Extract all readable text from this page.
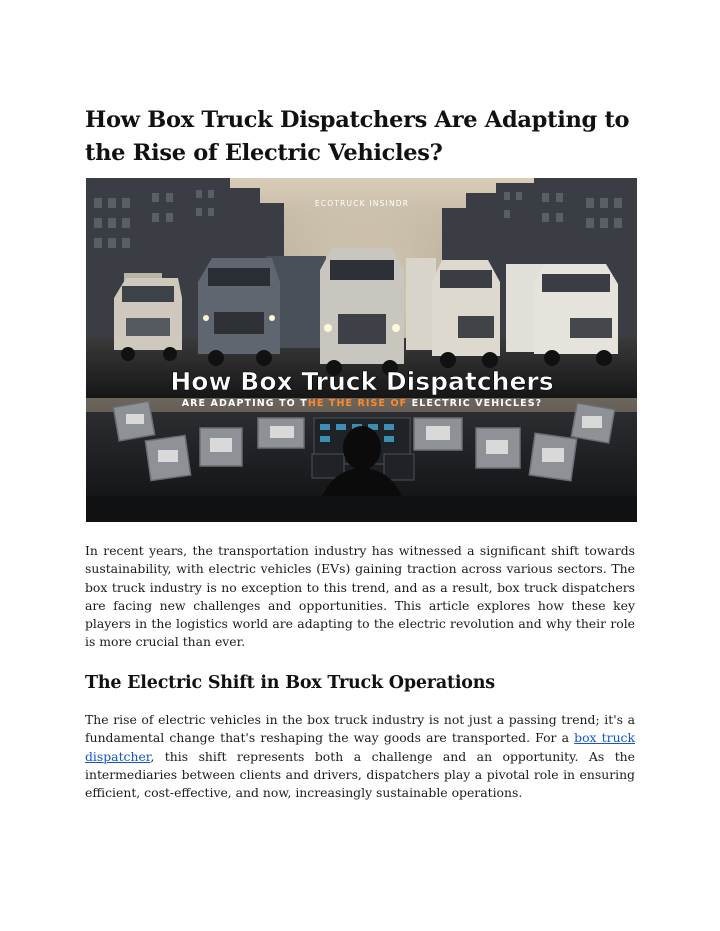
How Box Truck Dispatchers Are Adapting to the Rise of Electric Vehicles?
ECOTRUCK INSINDR
How Box Truck Dispatchers
ARE ADAPTING TO THE THE RISE OF ELECTRIC VEHICLES?

In recent years, the transportation industry has witnessed a significant shift towards sustainability, with electric vehicles (EVs) gaining traction across various sectors. The box truck industry is no exception to this trend, and as a result, box truck dispatchers are facing new challenges and opportunities. This article explores how these key players in the logistics world are adapting to the electric revolution and why their role is more crucial than ever.

The Electric Shift in Box Truck Operations

The rise of electric vehicles in the box truck industry is not just a passing trend; it's a fundamental change that's reshaping the way goods are transported. For a box truck dispatcher, this shift represents both a challenge and an opportunity. As the intermediaries between clients and drivers, dispatchers play a pivotal role in ensuring efficient, cost-effective, and now, increasingly sustainable operations.
